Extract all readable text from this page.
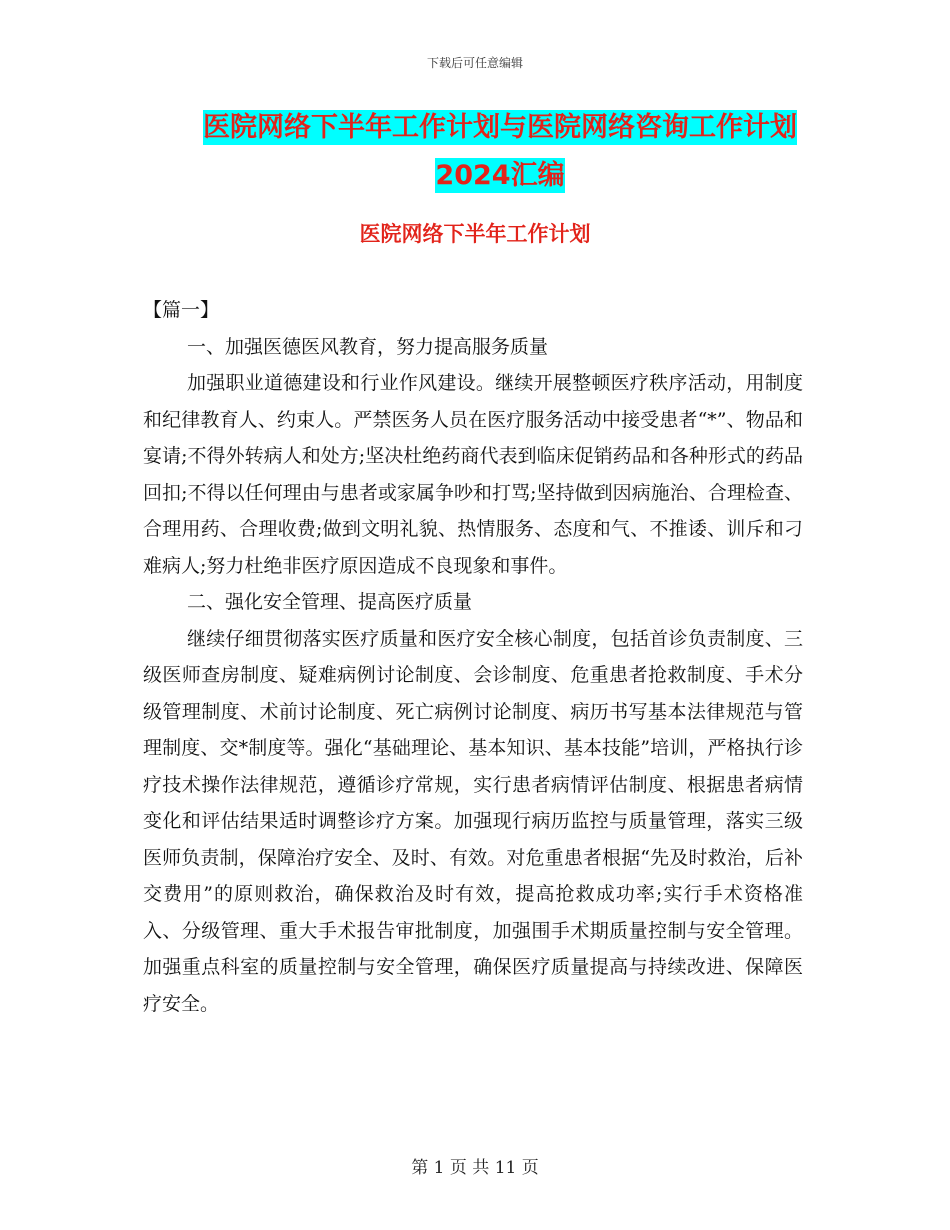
下载后可任意编辑
医院网络下半年工作计划与医院网络咨询工作计划
2024汇编
医院网络下半年工作计划

【篇一】

一、加强医德医风教育，努力提高服务质量

加强职业道德建设和行业作风建设。继续开展整顿医疗秩序活动，用制度和纪律教育人、约束人。严禁医务人员在医疗服务活动中接受患者“*”、物品和宴请;不得外转病人和处方;坚决杜绝药商代表到临床促销药品和各种形式的药品回扣;不得以任何理由与患者或家属争吵和打骂;坚持做到因病施治、合理检查、合理用药、合理收费;做到文明礼貌、热情服务、态度和气、不推诿、训斥和刁难病人;努力杜绝非医疗原因造成不良现象和事件。

二、强化安全管理、提高医疗质量

继续仔细贯彻落实医疗质量和医疗安全核心制度，包括首诊负责制度、三级医师查房制度、疑难病例讨论制度、会诊制度、危重患者抢救制度、手术分级管理制度、术前讨论制度、死亡病例讨论制度、病历书写基本法律规范与管理制度、交*制度等。强化“基础理论、基本知识、基本技能”培训，严格执行诊疗技术操作法律规范，遵循诊疗常规，实行患者病情评估制度、根据患者病情变化和评估结果适时调整诊疗方案。加强现行病历监控与质量管理，落实三级医师负责制，保障治疗安全、及时、有效。对危重患者根据“先及时救治，后补交费用”的原则救治，确保救治及时有效，提高抢救成功率;实行手术资格准入、分级管理、重大手术报告审批制度，加强围手术期质量控制与安全管理。加强重点科室的质量控制与安全管理，确保医疗质量提高与持续改进、保障医疗安全。

第 1 页 共 11 页
